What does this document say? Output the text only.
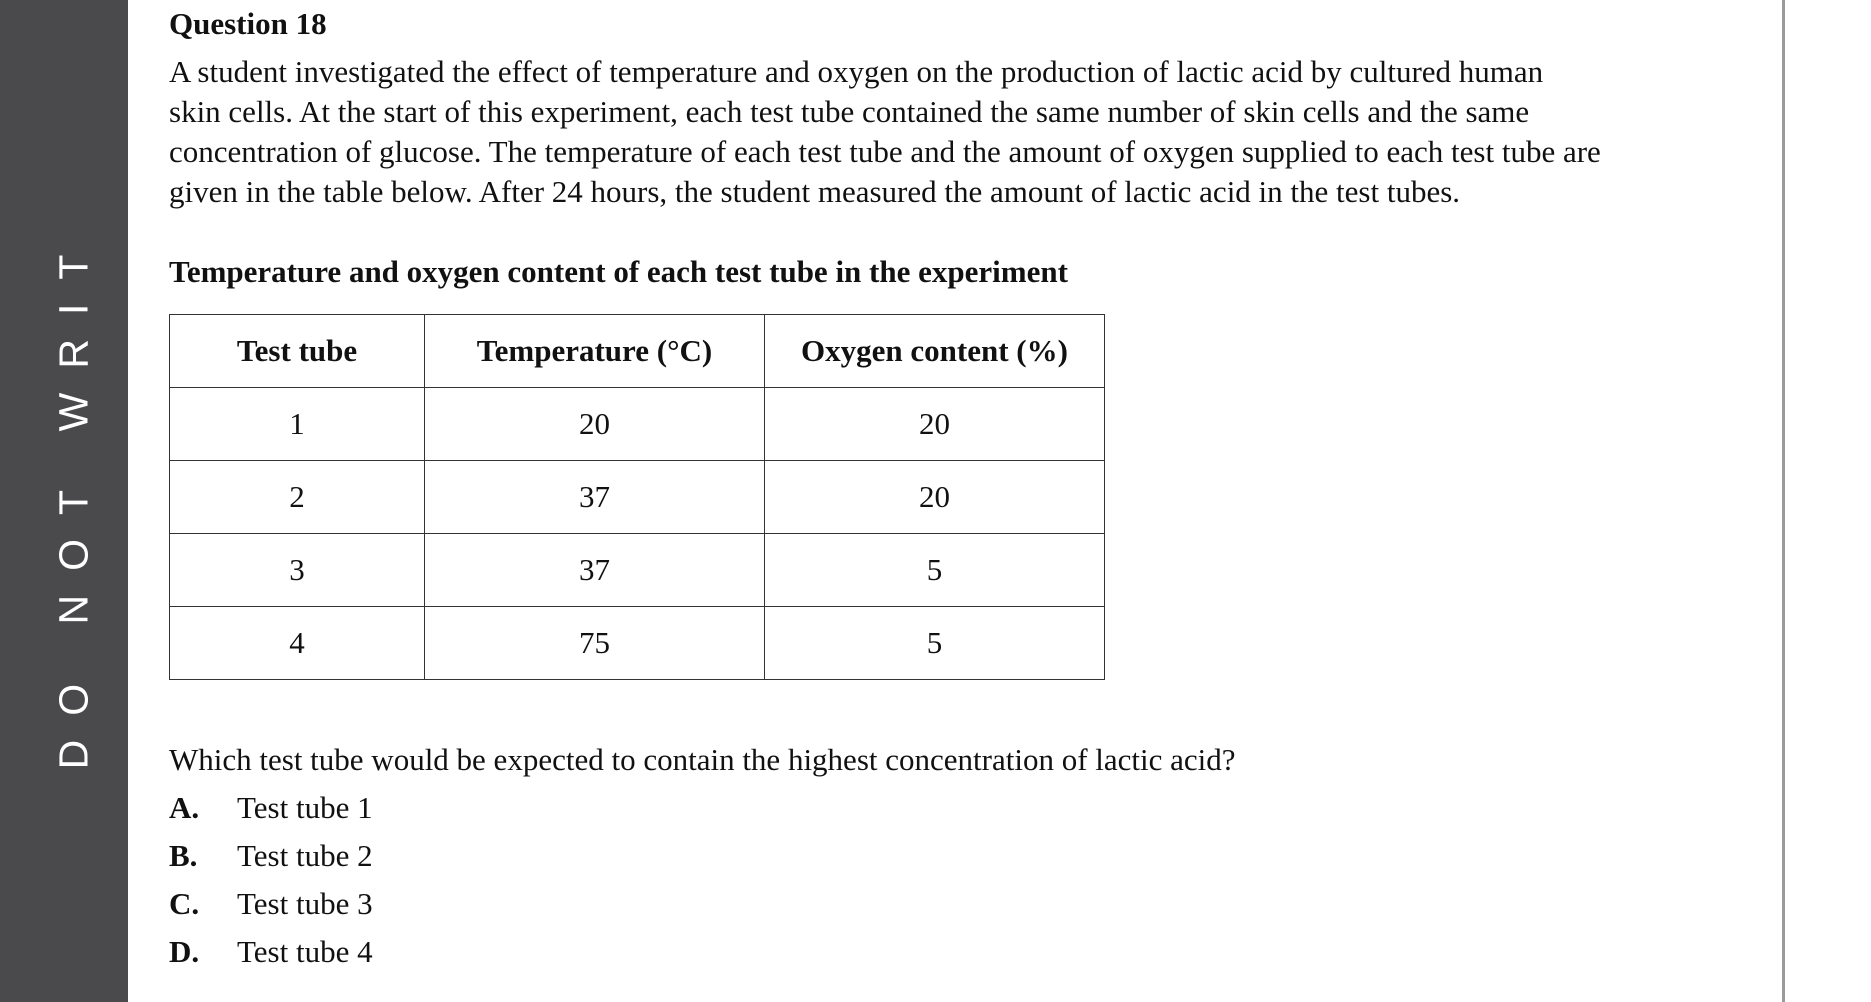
DO NOT WRIT
Question 18
A student investigated the effect of temperature and oxygen on the production of lactic acid by cultured human
skin cells. At the start of this experiment, each test tube contained the same number of skin cells and the same
concentration of glucose. The temperature of each test tube and the amount of oxygen supplied to each test tube are
given in the table below. After 24 hours, the student measured the amount of lactic acid in the test tubes.
Temperature and oxygen content of each test tube in the experiment
Test tube	Temperature (°C)	Oxygen content (%)
1	20	20
2	37	20
3	37	5
4	75	5
Which test tube would be expected to contain the highest concentration of lactic acid?
A. Test tube 1
B. Test tube 2
C. Test tube 3
D. Test tube 4
